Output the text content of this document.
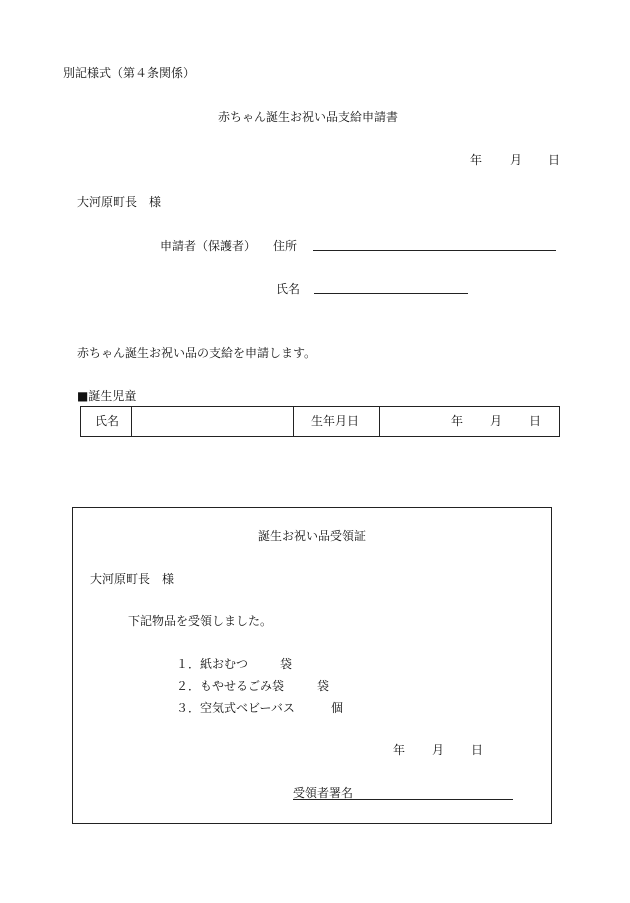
別記様式（第４条関係）
赤ちゃん誕生お祝い品支給申請書
年 月 日
大河原町長　様
申請者（保護者） 住所
氏名
赤ちゃん誕生お祝い品の支給を申請します。
■誕生児童
氏名	生年月日	年 月 日
誕生お祝い品受領証
大河原町長　様
下記物品を受領しました。
１． 紙おむつ	袋
２． もやせるごみ袋	袋
３． 空気式ベビーバス	個
年 月 日
受領者署名
